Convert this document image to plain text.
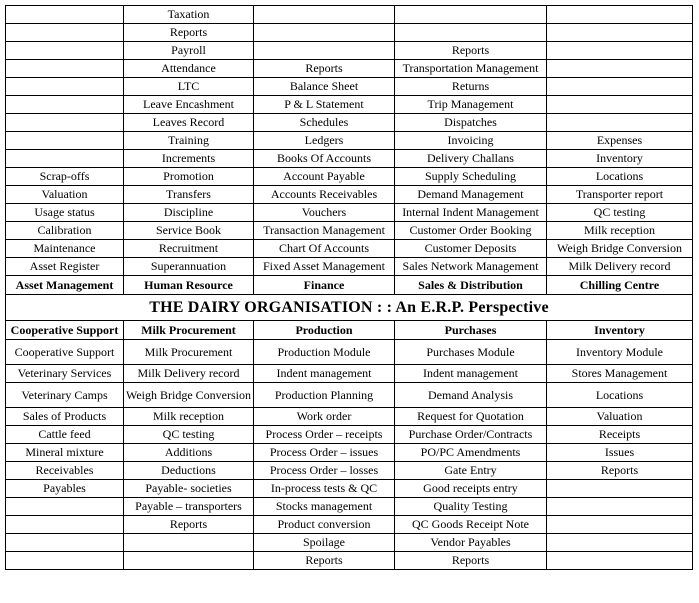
	Taxation			
	Reports			
	Payroll		Reports	
	Attendance	Reports	Transportation Management	
	LTC	Balance Sheet	Returns	
	Leave Encashment	P & L Statement	Trip Management	
	Leaves Record	Schedules	Dispatches	
	Training	Ledgers	Invoicing	Expenses
	Increments	Books Of Accounts	Delivery Challans	Inventory
Scrap-offs	Promotion	Account Payable	Supply Scheduling	Locations
Valuation	Transfers	Accounts Receivables	Demand Management	Transporter report
Usage status	Discipline	Vouchers	Internal Indent Management	QC testing
Calibration	Service Book	Transaction Management	Customer Order Booking	Milk reception
Maintenance	Recruitment	Chart Of Accounts	Customer Deposits	Weigh Bridge Conversion
Asset Register	Superannuation	Fixed Asset Management	Sales Network Management	Milk Delivery record
Asset Management	Human Resource	Finance	Sales & Distribution	Chilling Centre
THE DAIRY ORGANISATION : : An E.R.P. Perspective				
Cooperative Support	Milk Procurement	Production	Purchases	Inventory
Cooperative Support	Milk Procurement	Production Module	Purchases Module	Inventory Module
Veterinary Services	Milk Delivery record	Indent management	Indent management	Stores Management
Veterinary Camps	Weigh Bridge Conversion	Production Planning	Demand Analysis	Locations
Sales of Products	Milk reception	Work order	Request for Quotation	Valuation
Cattle feed	QC testing	Process Order – receipts	Purchase Order/Contracts	Receipts
Mineral mixture	Additions	Process Order – issues	PO/PC Amendments	Issues
Receivables	Deductions	Process Order – losses	Gate Entry	Reports
Payables	Payable- societies	In-process tests & QC	Good receipts entry	
	Payable – transporters	Stocks management	Quality Testing	
	Reports	Product conversion	QC Goods Receipt Note	
		Spoilage	Vendor Payables	
		Reports	Reports	
